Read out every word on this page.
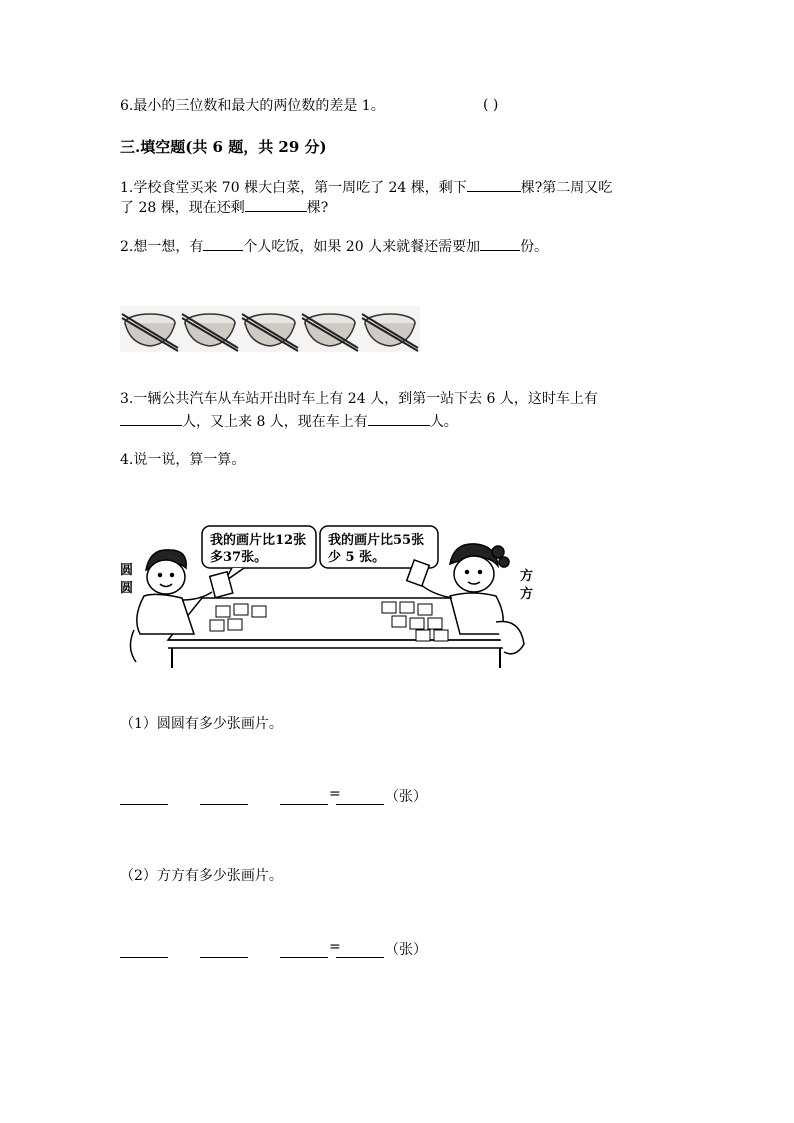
6.最小的三位数和最大的两位数的差是 1。	( )
三.填空题(共 6 题，共 29 分)
1.学校食堂买来 70 棵大白菜，第一周吃了 24 棵，剩下	棵?第二周又吃
了 28 棵，现在还剩	棵?
2.想一想，有	个人吃饭，如果 20 人来就餐还需要加	份。
3.一辆公共汽车从车站开出时车上有 24 人，到第一站下去 6 人，这时车上有
人，又上来 8 人，现在车上有	人。
4.说一说，算一算。
我的画片比12张
多37张。
我的画片比55张
少 5 张。
圆
圆
方
方
（1）圆圆有多少张画片。
=	（张）
（2）方方有多少张画片。
=	（张）
